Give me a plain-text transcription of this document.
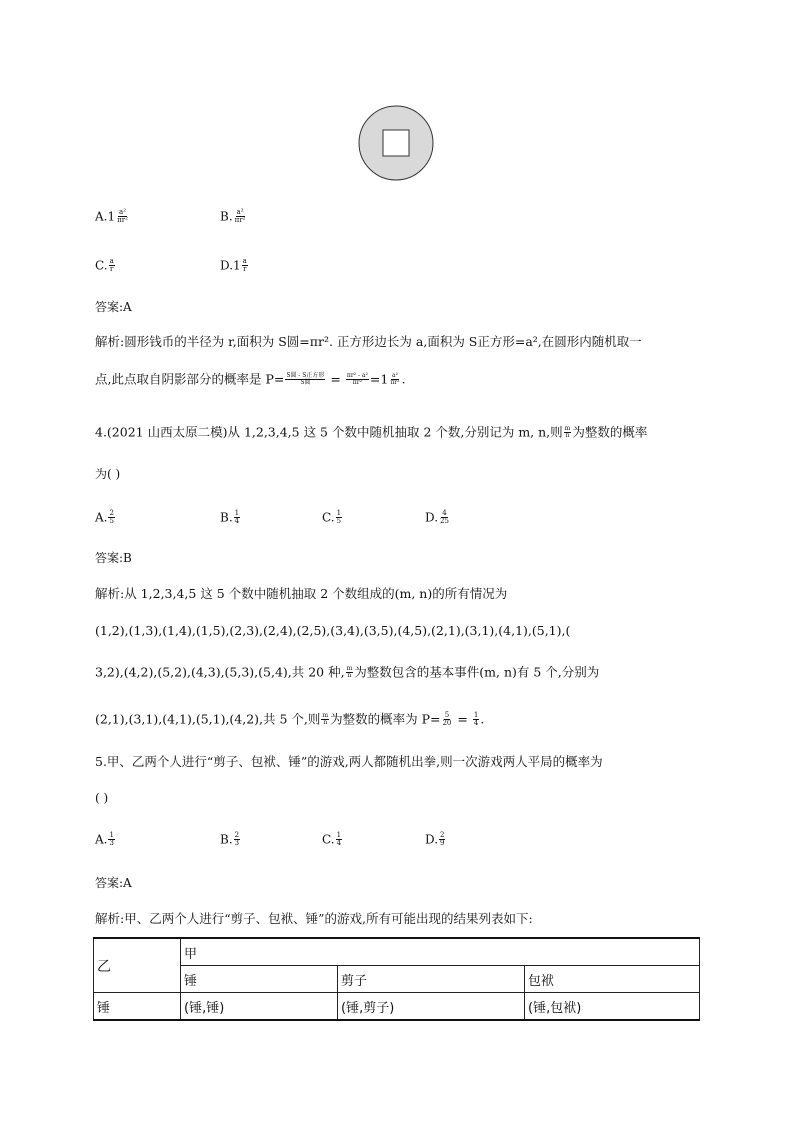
$A.1 \frac{\text{a²}}{\text{πr²}}$	B. $\frac{\text{a²}}{\text{πr²}}$
C. $\frac{a}{r}$	$D.1 \frac{a}{r}$
答案:A
解析:圆形钱币的半径为 r,面积为 S圆=πr². 正方形边长为 a,面积为 S正方形=a²,在圆形内随机取一
点,此点取自阴影部分的概率是 $P= \frac{\text{S圆 - S正方形}}{\text{S圆}} = \frac{\text{πr² - a²}}{\text{πr²}} =1 \frac{\text{a²}}{\text{πr²}}$ .
4.(2021 山西太原二模)从 1,2,3,4,5 这 5 个数中随机抽取 2 个数,分别记为 m, n,则 $\frac{m}{n}$ 为整数的概率
为( )
A. $\frac{2}{5}$	B. $\frac{1}{4}$	C. $\frac{1}{5}$	D. $\frac{4}{25}$
答案:B
解析:从 1,2,3,4,5 这 5 个数中随机抽取 2 个数组成的(m, n)的所有情况为
(1,2),(1,3),(1,4),(1,5),(2,3),(2,4),(2,5),(3,4),(3,5),(4,5),(2,1),(3,1),(4,1),(5,1),(
3,2),(4,2),(5,2),(4,3),(5,3),(5,4),共 20 种, $\frac{m}{n}$ 为整数包含的基本事件(m, n)有 5 个,分别为
(2,1),(3,1),(4,1),(5,1),(4,2),共 5 个,则 $\frac{m}{n}$ 为整数的概率为 $P= \frac{5}{20} = \frac{1}{4}$ .
5.甲、乙两个人进行“剪子、包袱、锤”的游戏,两人都随机出拳,则一次游戏两人平局的概率为
( )
A. $\frac{1}{3}$	B. $\frac{2}{3}$	C. $\frac{1}{4}$	D. $\frac{2}{9}$
答案:A
解析:甲、乙两个人进行“剪子、包袱、锤”的游戏,所有可能出现的结果列表如下:
乙	甲		
	锤	剪子	包袱
锤	(锤,锤)	(锤,剪子)	(锤,包袱)
